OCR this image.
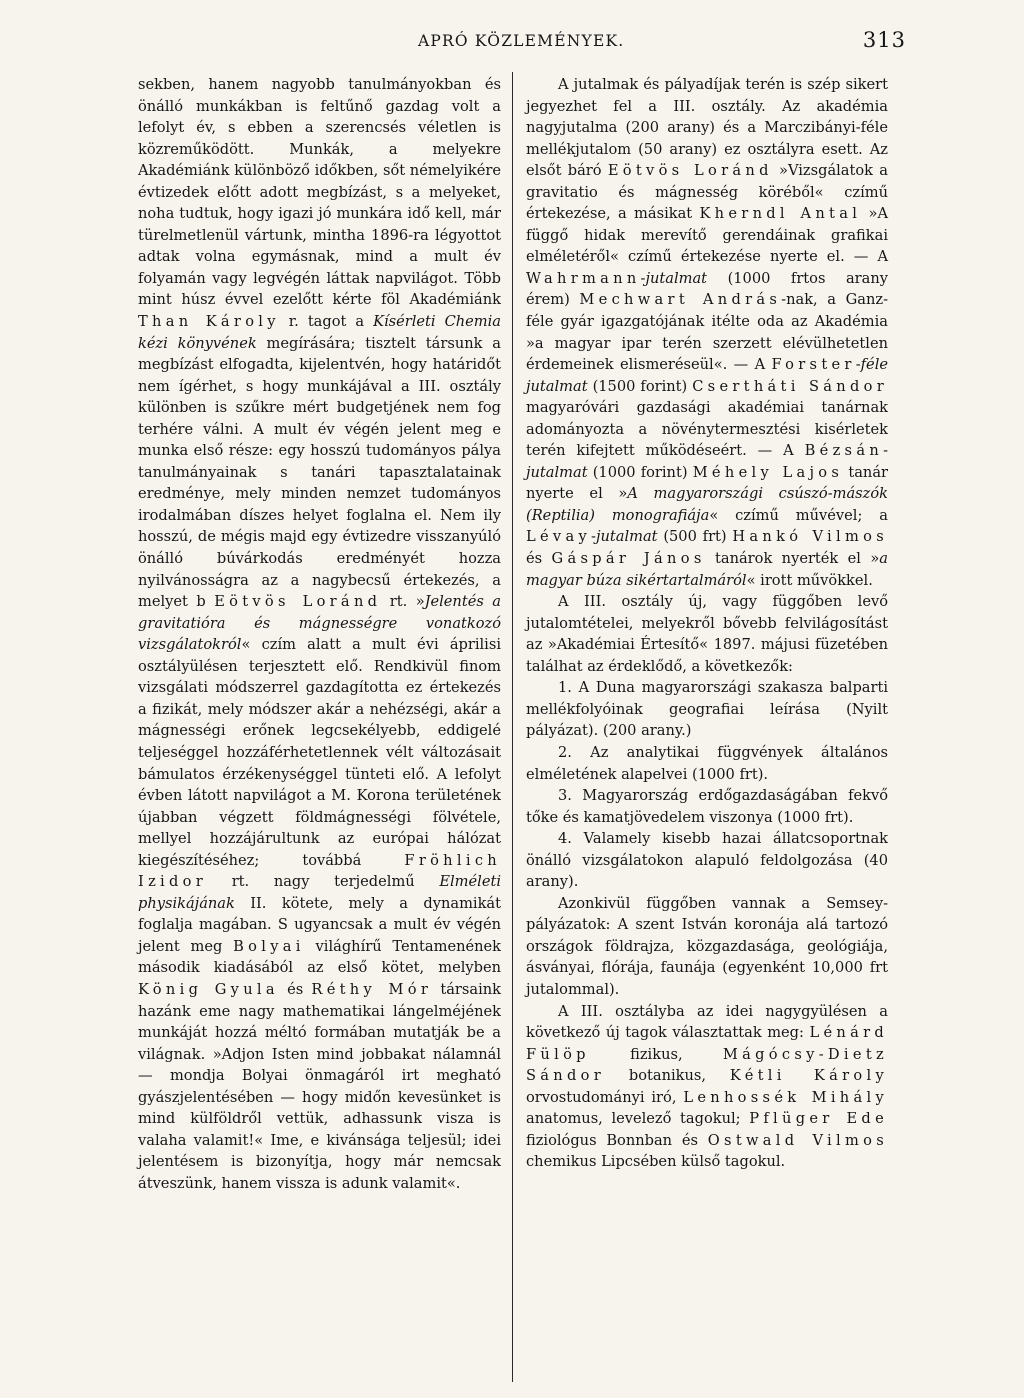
APRÓ KÖZLEMÉNYEK.	313

sekben, hanem nagyobb tanulmányokban és önálló munkákban is feltűnő gazdag volt a lefolyt év, s ebben a szerencsés véletlen is közreműködött. Munkák, a melyekre Akadémiánk különböző időkben, sőt némelyikére évtizedek előtt adott megbízást, s a melyeket, noha tudtuk, hogy igazi jó munkára idő kell, már türelmetlenül vártunk, mintha 1896-ra légyottot adtak volna egymásnak, mind a mult év folyamán vagy legvégén láttak napvilágot. Több mint húsz évvel ezelőtt kérte föl Akadémiánk Than Károly r. tagot a Kísérleti Chemia kézi könyvének megírására; tisztelt társunk a megbízást elfogadta, kijelentvén, hogy határidőt nem ígérhet, s hogy munkájával a III. osztály különben is szűkre mért budgetjének nem fog terhére válni. A mult év végén jelent meg e munka első része: egy hosszú tudományos pálya tanulmányainak s tanári tapasztalatainak eredménye, mely minden nemzet tudományos irodalmában díszes helyet foglalna el. Nem ily hosszú, de mégis majd egy évtizedre visszanyúló önálló búvárkodás eredményét hozza nyilvánosságra az a nagybecsű értekezés, a melyet b Eötvös Loránd rt. »Jelentés a gravitatióra és mágnességre vonatkozó vizsgálatokról« czím alatt a mult évi áprilisi osztályülésen terjesztett elő. Rendkivül finom vizsgálati módszerrel gazdagította ez értekezés a fizikát, mely módszer akár a nehézségi, akár a mágnességi erőnek legcsekélyebb, eddigelé teljeséggel hozzáférhetetlennek vélt változásait bámulatos érzékenységgel tünteti elő. A lefolyt évben látott napvilágot a M. Korona területének újabban végzett földmágnességi fölvétele, mellyel hozzájárultunk az európai hálózat kiegészítéséhez; továbbá Fröhlich Izidor rt. nagy terjedelmű Elméleti physikájának II. kötete, mely a dynamikát foglalja magában. S ugyancsak a mult év végén jelent meg Bolyai világhírű Tentamenének második kiadásából az első kötet, melyben König Gyula és Réthy Mór társaink hazánk eme nagy mathematikai lángelméjének munkáját hozzá méltó formában mutatják be a világnak. »Adjon Isten mind jobbakat nálamnál — mondja Bolyai önmagáról irt megható gyászjelentésében — hogy midőn kevesünket is mind külföldről vettük, adhassunk visza is valaha valamit!« Ime, e kivánsága teljesül; idei jelentésem is bizonyítja, hogy már nemcsak átveszünk, hanem vissza is adunk valamit«.

A jutalmak és pályadíjak terén is szép sikert jegyezhet fel a III. osztály. Az akadémia nagyjutalma (200 arany) és a Marczibányi-féle mellékjutalom (50 arany) ez osztályra esett. Az elsőt báró Eötvös Loránd »Vizsgálatok a gravitatio és mágnesség köréből« czímű értekezése, a másikat Kherndl Antal »A függő hidak merevítő gerendáinak grafikai elméletéről« czímű értekezése nyerte el. — A Wahrmann-jutalmat (1000 frtos arany érem) Mechwart András-nak, a Ganz-féle gyár igazgatójának itélte oda az Akadémia »a magyar ipar terén szerzett elévülhetetlen érdemeinek elismeréseül«. — A Forster-féle jutalmat (1500 forint) Csertháti Sándor magyaróvári gazdasági akadémiai tanárnak adományozta a növénytermesztési kisérletek terén kifejtett működéseért. — A Bézsán-jutalmat (1000 forint) Méhely Lajos tanár nyerte el »A magyarországi csúszó-mászók (Reptilia) monografiája« czímű művével; a Lévay-jutalmat (500 frt) Hankó Vilmos és Gáspár János tanárok nyerték el »a magyar búza sikértartalmáról« irott művökkel.

A III. osztály új, vagy függőben levő jutalomtételei, melyekről bővebb felvilágosítást az »Akadémiai Értesítő« 1897. májusi füzetében találhat az érdeklődő, a következők:

1. A Duna magyarországi szakasza balparti mellékfolyóinak geografiai leírása (Nyilt pályázat). (200 arany.)

2. Az analytikai függvények általános elméletének alapelvei (1000 frt).

3. Magyarország erdőgazdaságában fekvő tőke és kamatjövedelem viszonya (1000 frt).

4. Valamely kisebb hazai állatcsoportnak önálló vizsgálatokon alapuló feldolgozása (40 arany).

Azonkivül függőben vannak a Semsey-pályázatok: A szent István koronája alá tartozó országok földrajza, közgazdasága, geológiája, ásványai, flórája, faunája (egyenként 10,000 frt jutalommal).

A III. osztályba az idei nagygyülésen a következő új tagok választattak meg: Lénárd Fülöp fizikus, Mágócsy-Dietz Sándor botanikus, Kétli Károly orvostudományi iró, Lenhossék Mihály anatomus, levelező tagokul; Pflüger Ede fiziológus Bonnban és Ostwald Vilmos chemikus Lipcsében külső tagokul.
